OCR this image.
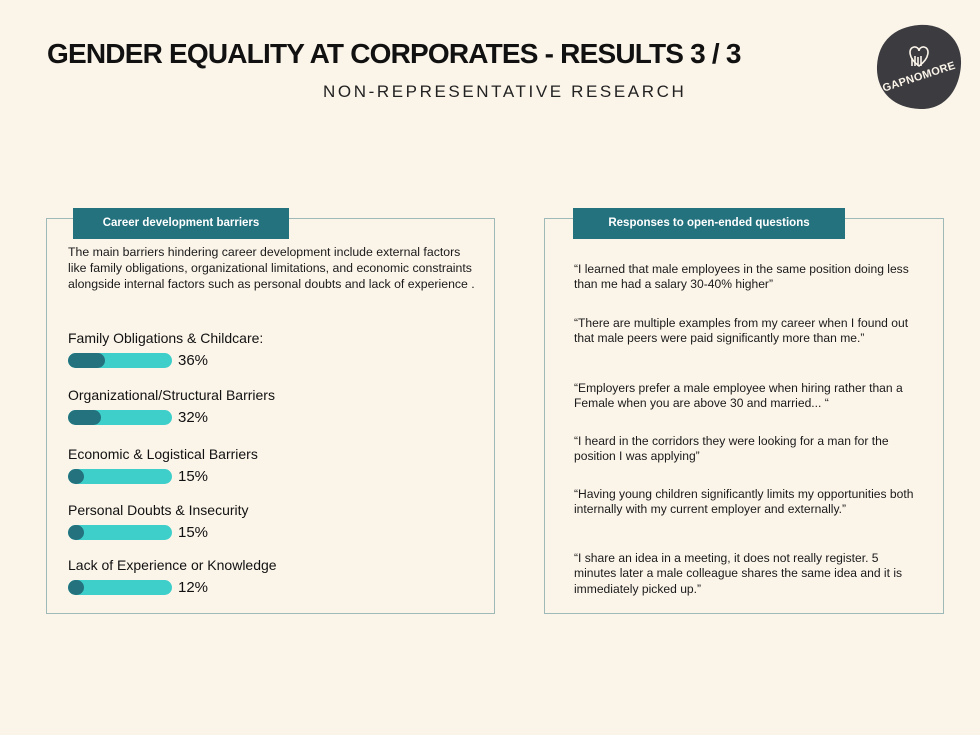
GENDER EQUALITY AT CORPORATES - RESULTS 3 / 3
NON-REPRESENTATIVE RESEARCH	GAPNOMORE
Career development barriers
The main barriers hindering career development include external factors like family obligations, organizational limitations, and economic constraints alongside internal factors such as personal doubts and lack of experience .
Family Obligations & Childcare:
36%
Organizational/Structural Barriers
32%
Economic & Logistical Barriers
15%
Personal Doubts & Insecurity
15%
Lack of Experience or Knowledge
12%
Responses to open-ended questions
“I learned that male employees in the same position doing less than me had a salary 30-40% higher”
“There are multiple examples from my career when I found out that male peers were paid significantly more than me.”
“Employers prefer a male employee when hiring rather than a Female when you are above 30 and married... “
“I heard in the corridors they were looking for a man for the position I was applying”
“Having young children significantly limits my opportunities both internally with my current employer and externally.”
“I share an idea in a meeting, it does not really register. 5 minutes later a male colleague shares the same idea and it is immediately picked up.”
